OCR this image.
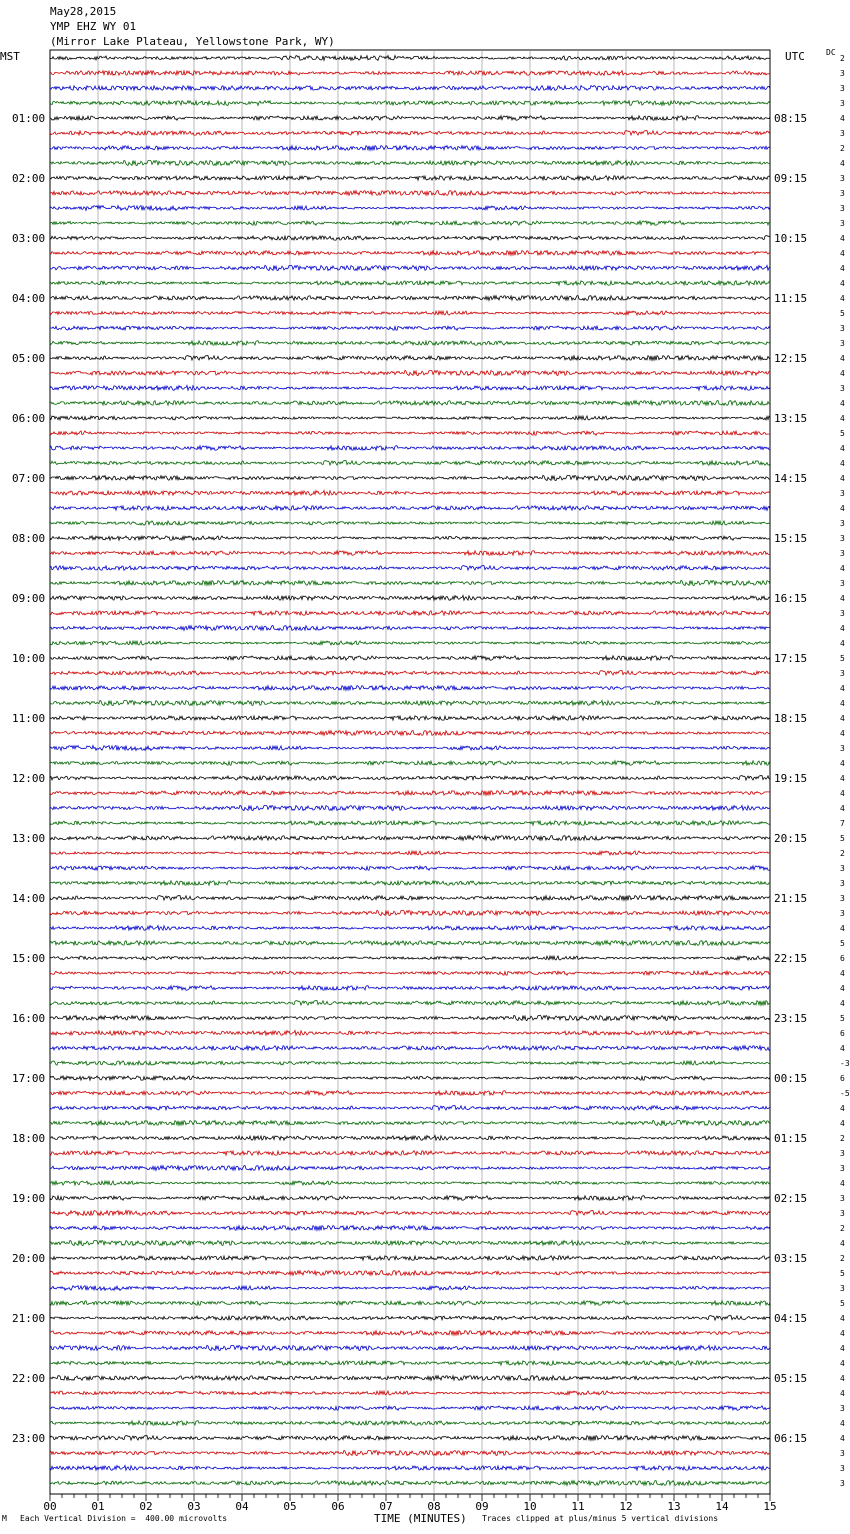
May28,2015
YMP EHZ WY 01
(Mirror Lake Plateau, Yellowstone Park, WY)
MST	UTC	DC
2
3
3
3
4
3
2
4
3
3
3
3
4
4
4
4
4
5
3
3
4
4
3
4
4
5
4
4
4
3
4
3
3
3
4
3
4
3
4
4
5
3
4
4
4
4
3
4
4
4
4
7
5
2
3
3
3
3
4
5
6
4
4
4
5
6
4
-3
6
-5
4
4
2
3
3
4
3
3
2
4
2
5
3
5
4
4
4
4
4
4
3
4
4
3
3
3
01:00	08:15
02:00	09:15
03:00	10:15
04:00	11:15
05:00	12:15
06:00	13:15
07:00	14:15
08:00	15:15
09:00	16:15
10:00	17:15
11:00	18:15
12:00	19:15
13:00	20:15
14:00	21:15
15:00	22:15
16:00	23:15
17:00	00:15
18:00	01:15
19:00	02:15
20:00	03:15
21:00	04:15
22:00	05:15
23:00	06:15
00	01	02	03	04	05	06	07	08	09	10	11	12	13	14	15
M Each Vertical Division =  400.00 microvolts	TIME (MINUTES) Traces clipped at plus/minus 5 vertical divisions
